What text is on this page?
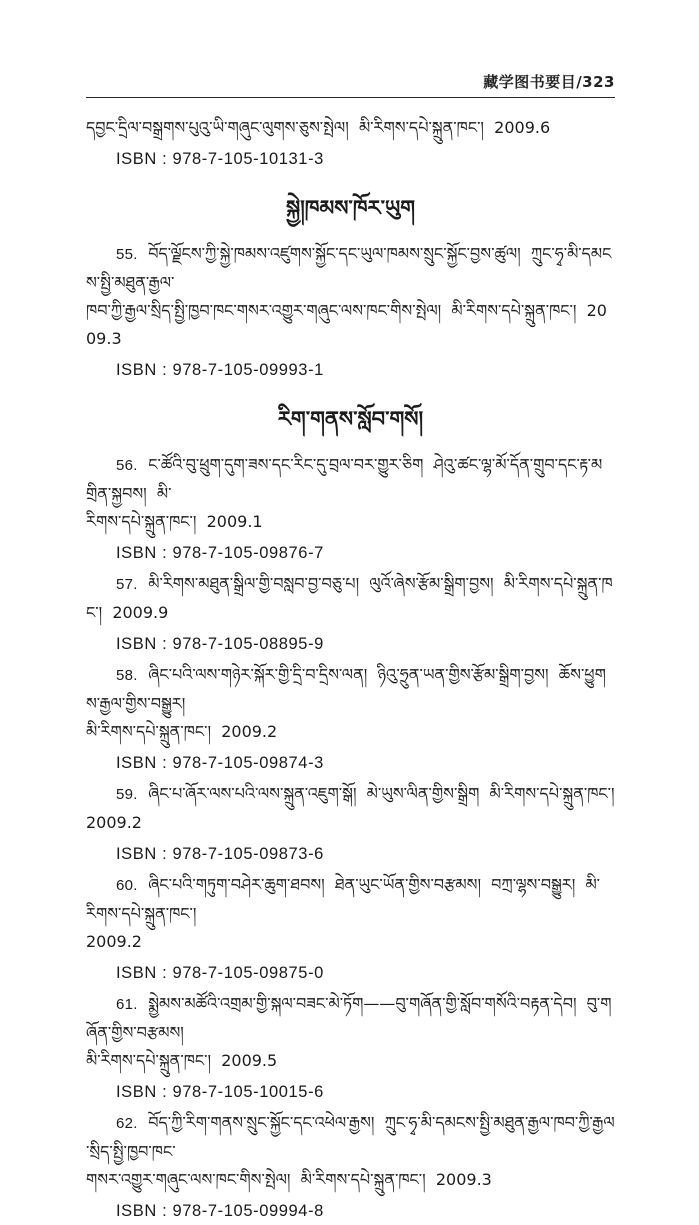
藏学图书要目/323
དབྱང་དྲིལ་བསྒྲགས་པུའུ་ཡི་གཞུང་ལུགས་ཅུས་སྤེལ།  མི་རིགས་དཔེ་སྐྲུན་ཁང་།  2009.6
ISBN : 978-7-105-10131-3
སྐྱེ།ཁམས་ཁོར་ཡུག
55. བོད་ལྗོངས་ཀྱི་སྐྱེ་ཁམས་འཛུགས་སྐྱོང་དང་ཡུལ་ཁམས་སྲུང་སྐྱོང་བྱས་ཚུལ།  ཀྲུང་ཧྭ་མི་དམངས་སྤྱི་མཐུན་རྒྱལ་
ཁབ་ཀྱི་རྒྱལ་སྲིད་སྤྱི་ཁྱབ་ཁང་གསར་འགྱུར་གཞུང་ལས་ཁང་གིས་སྤེལ།  མི་རིགས་དཔེ་སྐྲུན་ཁང་།  2009.3
ISBN : 978-7-105-09993-1
རིག་གནས་སློབ་གསོ།
56. ང་ཚོའི་བུ་ཕྲུག་དུག་ཟས་དང་རིང་དུ་བྲལ་བར་གྱུར་ཅིག  ཤེའུ་ཚང་ལྷ་མོ་དོན་གྲུབ་དང་རྟ་མགྲིན་སྐྱབས།  མི་
རིགས་དཔེ་སྐྲུན་ཁང་།  2009.1
ISBN : 978-7-105-09876-7
57. མི་རིགས་མཐུན་སྒྲིལ་གྱི་བསླབ་བྱ་བཅུ་པ།  ལུའོ་ཞེས་རྩོམ་སྒྲིག་བྱས།  མི་རིགས་དཔེ་སྐྲུན་ཁང་།  2009.9
ISBN : 978-7-105-08895-9
58. ཞིང་པའི་ལས་གཉེར་སྐོར་གྱི་དྲི་བ་དྲིས་ལན།  ཉིའུ་ཧྲུན་ཡན་གྱིས་རྩོམ་སྒྲིག་བྱས།  ཆོས་ཕྱུགས་རྒྱལ་གྱིས་བསྒྱུར།
མི་རིགས་དཔེ་སྐྲུན་ཁང་།  2009.2
ISBN : 978-7-105-09874-3
59. ཞིང་པ་ཞོར་ལས་པའི་ལས་སྐྲུན་འཇུག་སྒོ།  མེ་ཡུས་ལིན་གྱིས་སྒྲིག  མི་རིགས་དཔེ་སྐྲུན་ཁང་།  2009.2
ISBN : 978-7-105-09873-6
60. ཞིང་པའི་གཏུག་བཤེར་ཆུག་ཐབས།  ཐེན་ཡུང་ཡོན་གྱིས་བརྩམས།  བཀྲ་ལྷས་བསྒྱུར།  མི་རིགས་དཔེ་སྐྲུན་ཁང་།
2009.2
ISBN : 978-7-105-09875-0
61. སྨྱེམས་མཚོའི་འགྲམ་གྱི་སྐལ་བཟང་མེ་ཏོག——བུ་གཞོན་གྱི་སློབ་གསོའི་བརྟན་དེབ།  བུ་གཞོན་གྱིས་བརྩམས།
མི་རིགས་དཔེ་སྐྲུན་ཁང་།  2009.5
ISBN : 978-7-105-10015-6
62. བོད་ཀྱི་རིག་གནས་སྲུང་སྐྱོང་དང་འཕེལ་རྒྱས།  ཀྲུང་ཧྭ་མི་དམངས་སྤྱི་མཐུན་རྒྱལ་ཁབ་ཀྱི་རྒྱལ་སྲིད་སྤྱི་ཁྱབ་ཁང་
གསར་འགྱུར་གཞུང་ལས་ཁང་གིས་སྤེལ།  མི་རིགས་དཔེ་སྐྲུན་ཁང་།  2009.3
ISBN : 978-7-105-09994-8
